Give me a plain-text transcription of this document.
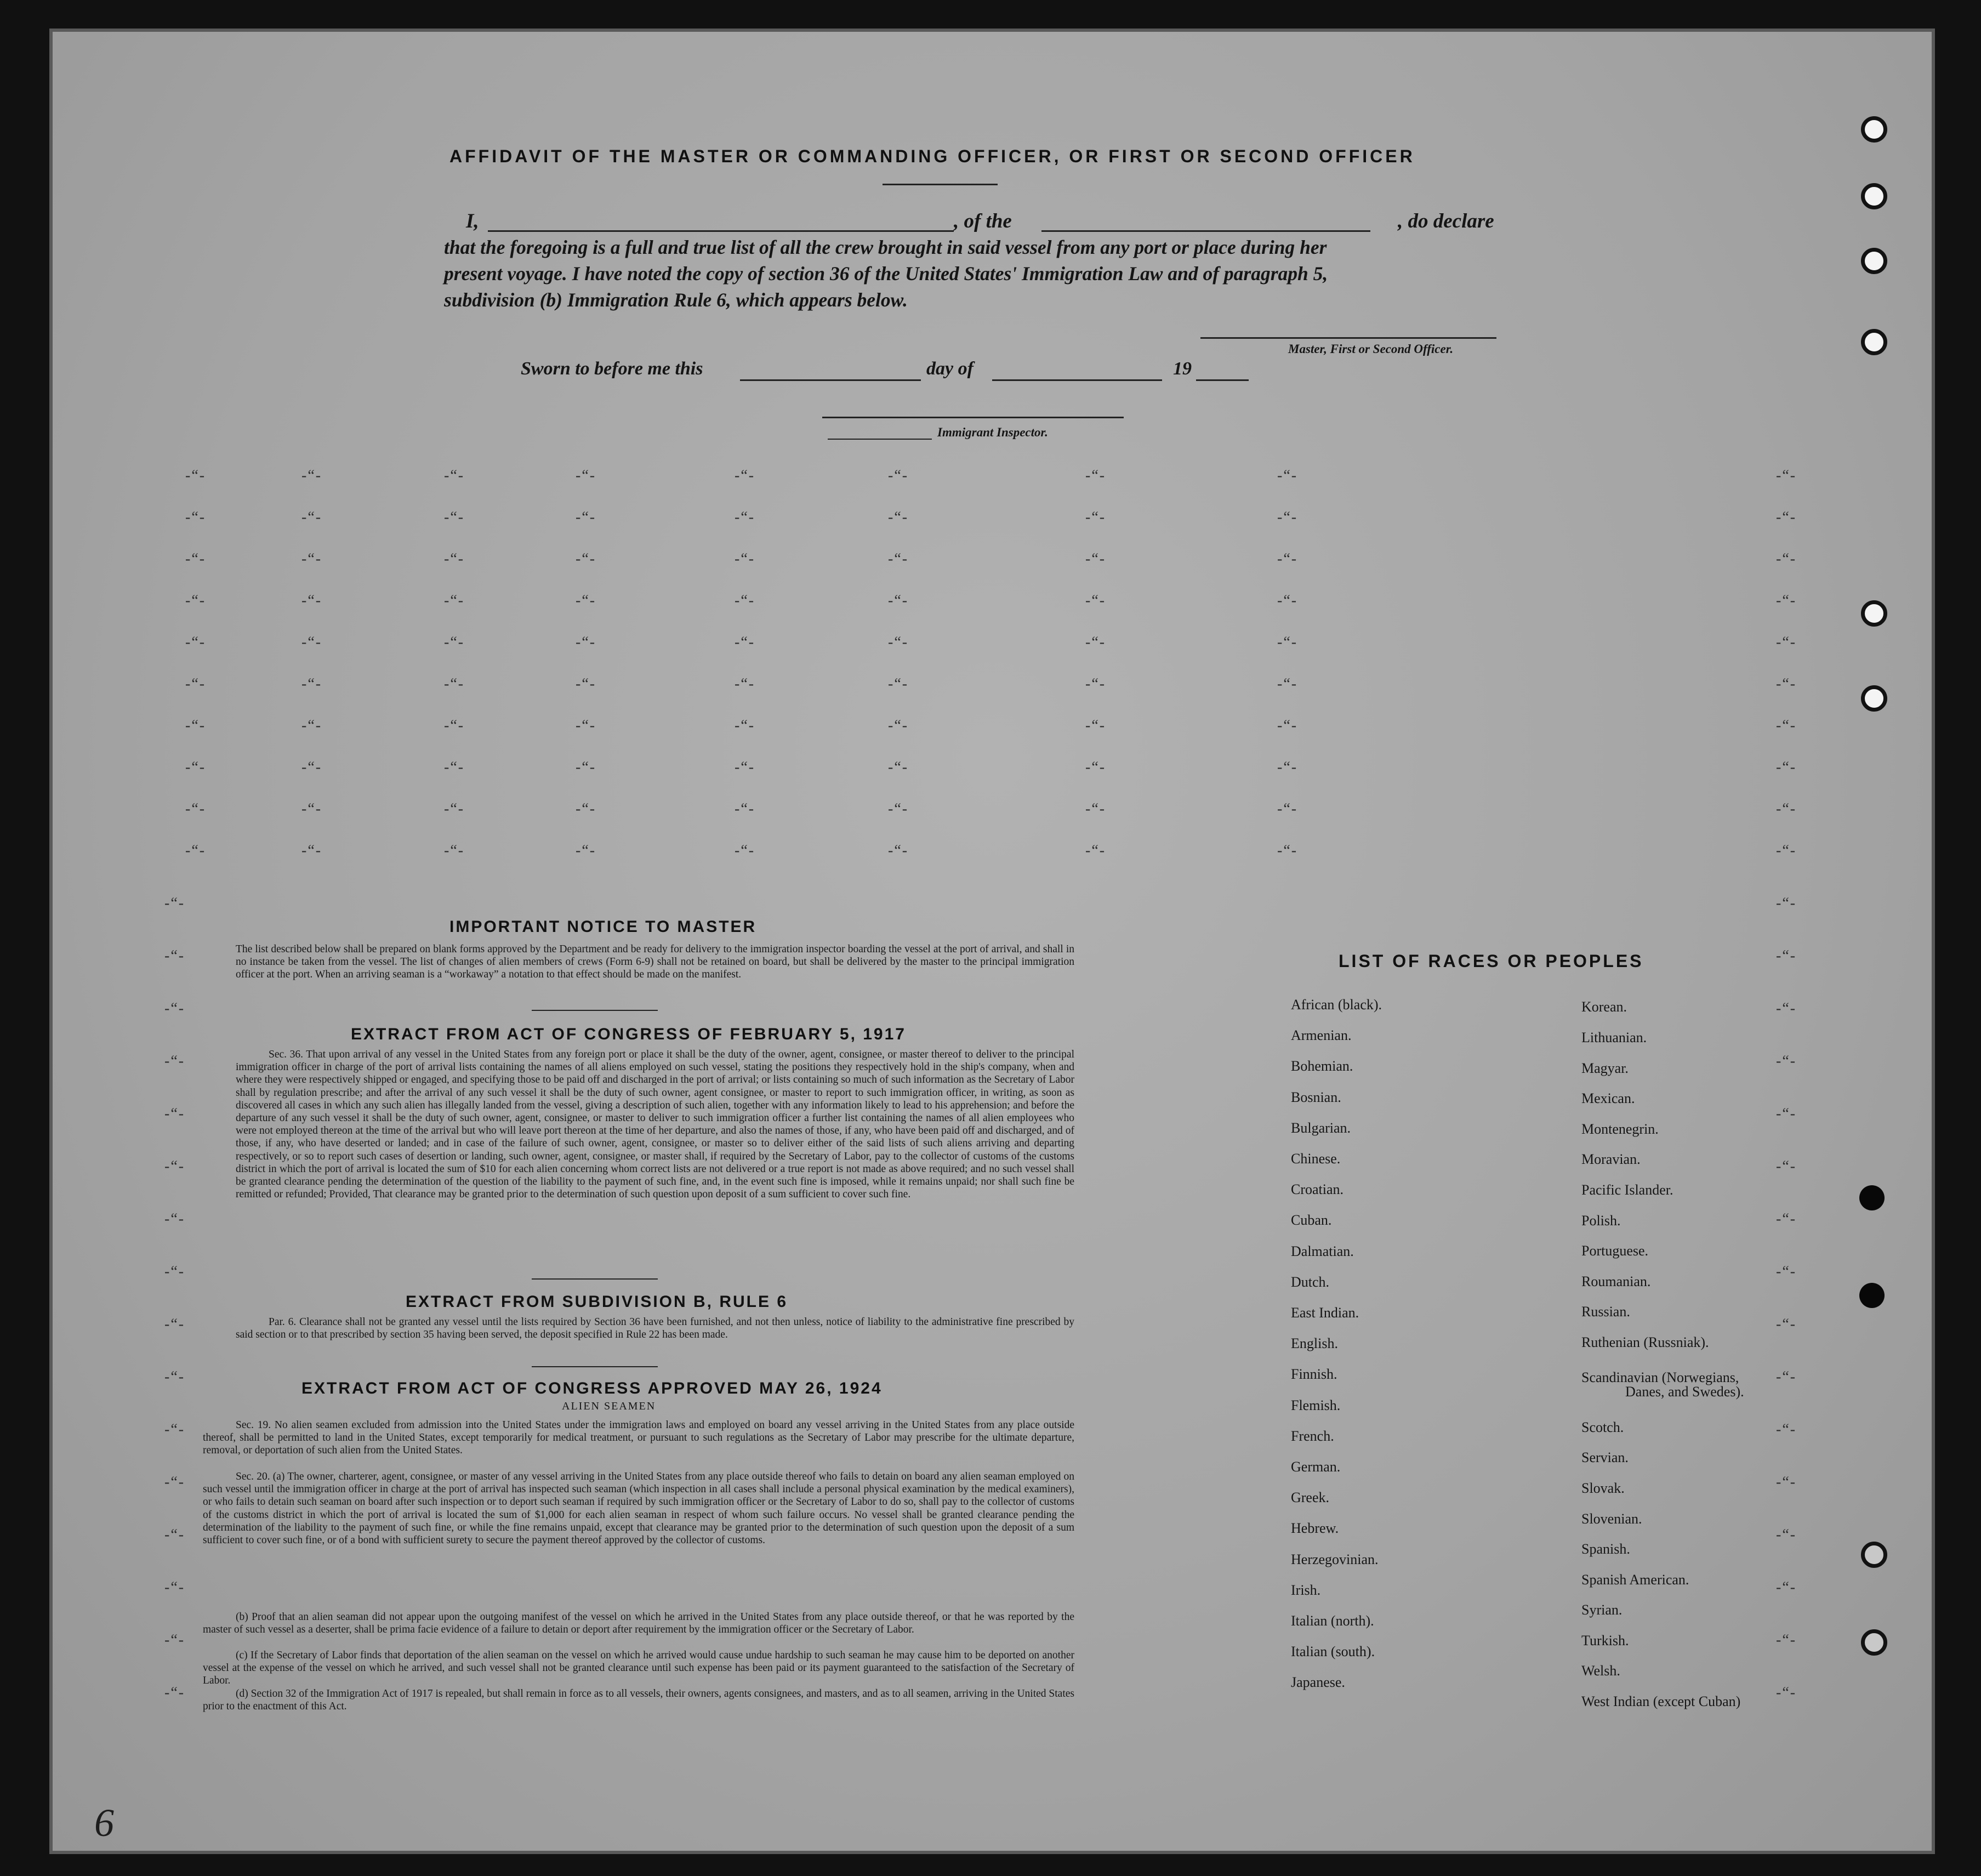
AFFIDAVIT OF THE MASTER OR COMMANDING OFFICER, OR FIRST OR SECOND OFFICER
I,	, of the	, do declare
that the foregoing is a full and true list of all the crew brought in said vessel from any port or place during her
present voyage. I have noted the copy of section 36 of the United States' Immigration Law and of paragraph 5,
subdivision (b) Immigration Rule 6, which appears below.
Master, First or Second Officer.
Sworn to before me this	day of	19
Immigrant Inspector.
-“-	-“-	-“-	-“-	-“-	-“-	-“-	-“-	-“-
-“-	-“-	-“-	-“-	-“-	-“-	-“-	-“-	-“-
-“-	-“-	-“-	-“-	-“-	-“-	-“-	-“-	-“-
-“-	-“-	-“-	-“-	-“-	-“-	-“-	-“-	-“-
-“-	-“-	-“-	-“-	-“-	-“-	-“-	-“-	-“-
-“-	-“-	-“-	-“-	-“-	-“-	-“-	-“-	-“-
-“-	-“-	-“-	-“-	-“-	-“-	-“-	-“-	-“-
-“-	-“-	-“-	-“-	-“-	-“-	-“-	-“-	-“-
-“-	-“-	-“-	-“-	-“-	-“-	-“-	-“-	-“-
-“-	-“-	-“-	-“-	-“-	-“-	-“-	-“-	-“-
-“-	-“-
-“-	-“-
-“-	-“-
-“-	-“-
-“-	-“-
-“-	-“-
-“-	-“-
-“-	-“-
-“-	-“-
-“-	-“-
-“-	-“-
-“-	-“-
-“-	-“-
-“-	-“-
-“-	-“-
-“-	-“-
IMPORTANT NOTICE TO MASTER
The list described below shall be prepared on blank forms approved by the Department and be ready for delivery to the immigration inspector boarding the vessel at the port of arrival, and shall in no instance be taken from the vessel. The list of changes of alien members of crews (Form 6-9) shall not be retained on board, but shall be delivered by the master to the principal immigration officer at the port. When an arriving seaman is a “workaway” a notation to that effect should be made on the manifest.
EXTRACT FROM ACT OF CONGRESS OF FEBRUARY 5, 1917
Sec. 36. That upon arrival of any vessel in the United States from any foreign port or place it shall be the duty of the owner, agent, consignee, or master thereof to deliver to the principal immigration officer in charge of the port of arrival lists containing the names of all aliens employed on such vessel, stating the positions they respectively hold in the ship's company, when and where they were respectively shipped or engaged, and specifying those to be paid off and discharged in the port of arrival; or lists containing so much of such information as the Secretary of Labor shall by regulation prescribe; and after the arrival of any such vessel it shall be the duty of such owner, agent consignee, or master to report to such immigration officer, in writing, as soon as discovered all cases in which any such alien has illegally landed from the vessel, giving a description of such alien, together with any information likely to lead to his apprehension; and before the departure of any such vessel it shall be the duty of such owner, agent, consignee, or master to deliver to such immigration officer a further list containing the names of all alien employees who were not employed thereon at the time of the arrival but who will leave port thereon at the time of her departure, and also the names of those, if any, who have been paid off and discharged, and of those, if any, who have deserted or landed; and in case of the failure of such owner, agent, consignee, or master so to deliver either of the said lists of such aliens arriving and departing respectively, or so to report such cases of desertion or landing, such owner, agent, consignee, or master shall, if required by the Secretary of Labor, pay to the collector of customs of the customs district in which the port of arrival is located the sum of $10 for each alien concerning whom correct lists are not delivered or a true report is not made as above required; and no such vessel shall be granted clearance pending the determination of the question of the liability to the payment of such fine, and, in the event such fine is imposed, while it remains unpaid; nor shall such fine be remitted or refunded; Provided, That clearance may be granted prior to the determination of such question upon deposit of a sum sufficient to cover such fine.
EXTRACT FROM SUBDIVISION B, RULE 6
Par. 6. Clearance shall not be granted any vessel until the lists required by Section 36 have been furnished, and not then unless, notice of liability to the administrative fine prescribed by said section or to that prescribed by section 35 having been served, the deposit specified in Rule 22 has been made.
EXTRACT FROM ACT OF CONGRESS APPROVED MAY 26, 1924
ALIEN SEAMEN
Sec. 19. No alien seamen excluded from admission into the United States under the immigration laws and employed on board any vessel arriving in the United States from any place outside thereof, shall be permitted to land in the United States, except temporarily for medical treatment, or pursuant to such regulations as the Secretary of Labor may prescribe for the ultimate departure, removal, or deportation of such alien from the United States.
Sec. 20. (a) The owner, charterer, agent, consignee, or master of any vessel arriving in the United States from any place outside thereof who fails to detain on board any alien seaman employed on such vessel until the immigration officer in charge at the port of arrival has inspected such seaman (which inspection in all cases shall include a personal physical examination by the medical examiners), or who fails to detain such seaman on board after such inspection or to deport such seaman if required by such immigration officer or the Secretary of Labor to do so, shall pay to the collector of customs of the customs district in which the port of arrival is located the sum of $1,000 for each alien seaman in respect of whom such failure occurs. No vessel shall be granted clearance pending the determination of the liability to the payment of such fine, or while the fine remains unpaid, except that clearance may be granted prior to the determination of such question upon the deposit of a sum sufficient to cover such fine, or of a bond with sufficient surety to secure the payment thereof approved by the collector of customs.
(b) Proof that an alien seaman did not appear upon the outgoing manifest of the vessel on which he arrived in the United States from any place outside thereof, or that he was reported by the master of such vessel as a deserter, shall be prima facie evidence of a failure to detain or deport after requirement by the immigration officer or the Secretary of Labor.
(c) If the Secretary of Labor finds that deportation of the alien seaman on the vessel on which he arrived would cause undue hardship to such seaman he may cause him to be deported on another vessel at the expense of the vessel on which he arrived, and such vessel shall not be granted clearance until such expense has been paid or its payment guaranteed to the satisfaction of the Secretary of Labor.
(d) Section 32 of the Immigration Act of 1917 is repealed, but shall remain in force as to all vessels, their owners, agents consignees, and masters, and as to all seamen, arriving in the United States prior to the enactment of this Act.
LIST OF RACES OR PEOPLES
African (black).
Armenian.
Bohemian.
Bosnian.
Bulgarian.
Chinese.
Croatian.
Cuban.
Dalmatian.
Dutch.
East Indian.
English.
Finnish.
Flemish.
French.
German.
Greek.
Hebrew.
Herzegovinian.
Irish.
Italian (north).
Italian (south).
Japanese.
Korean.
Lithuanian.
Magyar.
Mexican.
Montenegrin.
Moravian.
Pacific Islander.
Polish.
Portuguese.
Roumanian.
Russian.
Ruthenian (Russniak).
Scandinavian (Norwegians,
Danes, and Swedes).
Scotch.
Servian.
Slovak.
Slovenian.
Spanish.
Spanish American.
Syrian.
Turkish.
Welsh.
West Indian (except Cuban)
6
